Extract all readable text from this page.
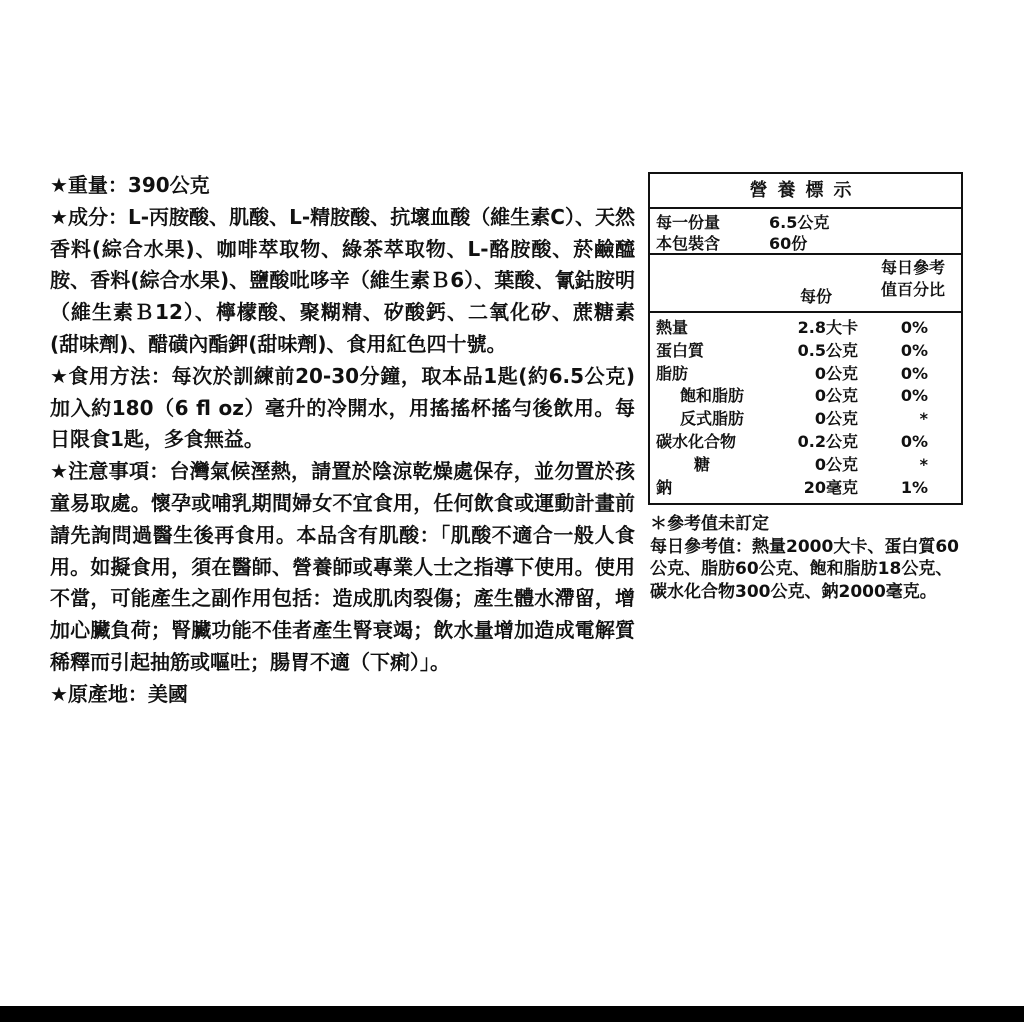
★重量：390公克

★成分：L-丙胺酸、肌酸、L-精胺酸、抗壞血酸（維生素C）、天然香料(綜合水果)、咖啡萃取物、綠茶萃取物、L-酪胺酸、菸鹼醯胺、香料(綜合水果)、鹽酸吡哆辛（維生素Ｂ6）、葉酸、氰鈷胺明（維生素Ｂ12）、檸檬酸、聚糊精、矽酸鈣、二氧化矽、蔗糖素(甜味劑)、醋磺內酯鉀(甜味劑)、食用紅色四十號。

★食用方法：每次於訓練前20-30分鐘，取本品1匙(約6.5公克)加入約180（6 fl oz）毫升的冷開水，用搖搖杯搖勻後飲用。每日限食1匙，多食無益。

★注意事項：台灣氣候溼熱，請置於陰涼乾燥處保存，並勿置於孩童易取處。懷孕或哺乳期間婦女不宜食用，任何飲食或運動計畫前請先詢問過醫生後再食用。本品含有肌酸：「肌酸不適合一般人食用。如擬食用，須在醫師、營養師或專業人士之指導下使用。使用不當，可能產生之副作用包括：造成肌肉裂傷；產生體水滯留，增加心臟負荷；腎臟功能不佳者產生腎衰竭；飲水量增加造成電解質稀釋而引起抽筋或嘔吐；腸胃不適（下痢）」。

★原產地：美國

營養標示
每一份量	6.5公克
本包裝含	60份
每份
每日參考
值百分比
熱量	2.8大卡	0%
蛋白質	0.5公克	0%
脂肪	0公克	0%
飽和脂肪	0公克	0%
反式脂肪	0公克	*
碳水化合物	0.2公克	0%
糖	0公克	*
鈉	20毫克	1%

＊參考值未訂定

每日參考值：熱量2000大卡、蛋白質60公克、脂肪60公克、飽和脂肪18公克、碳水化合物300公克、鈉2000毫克。
